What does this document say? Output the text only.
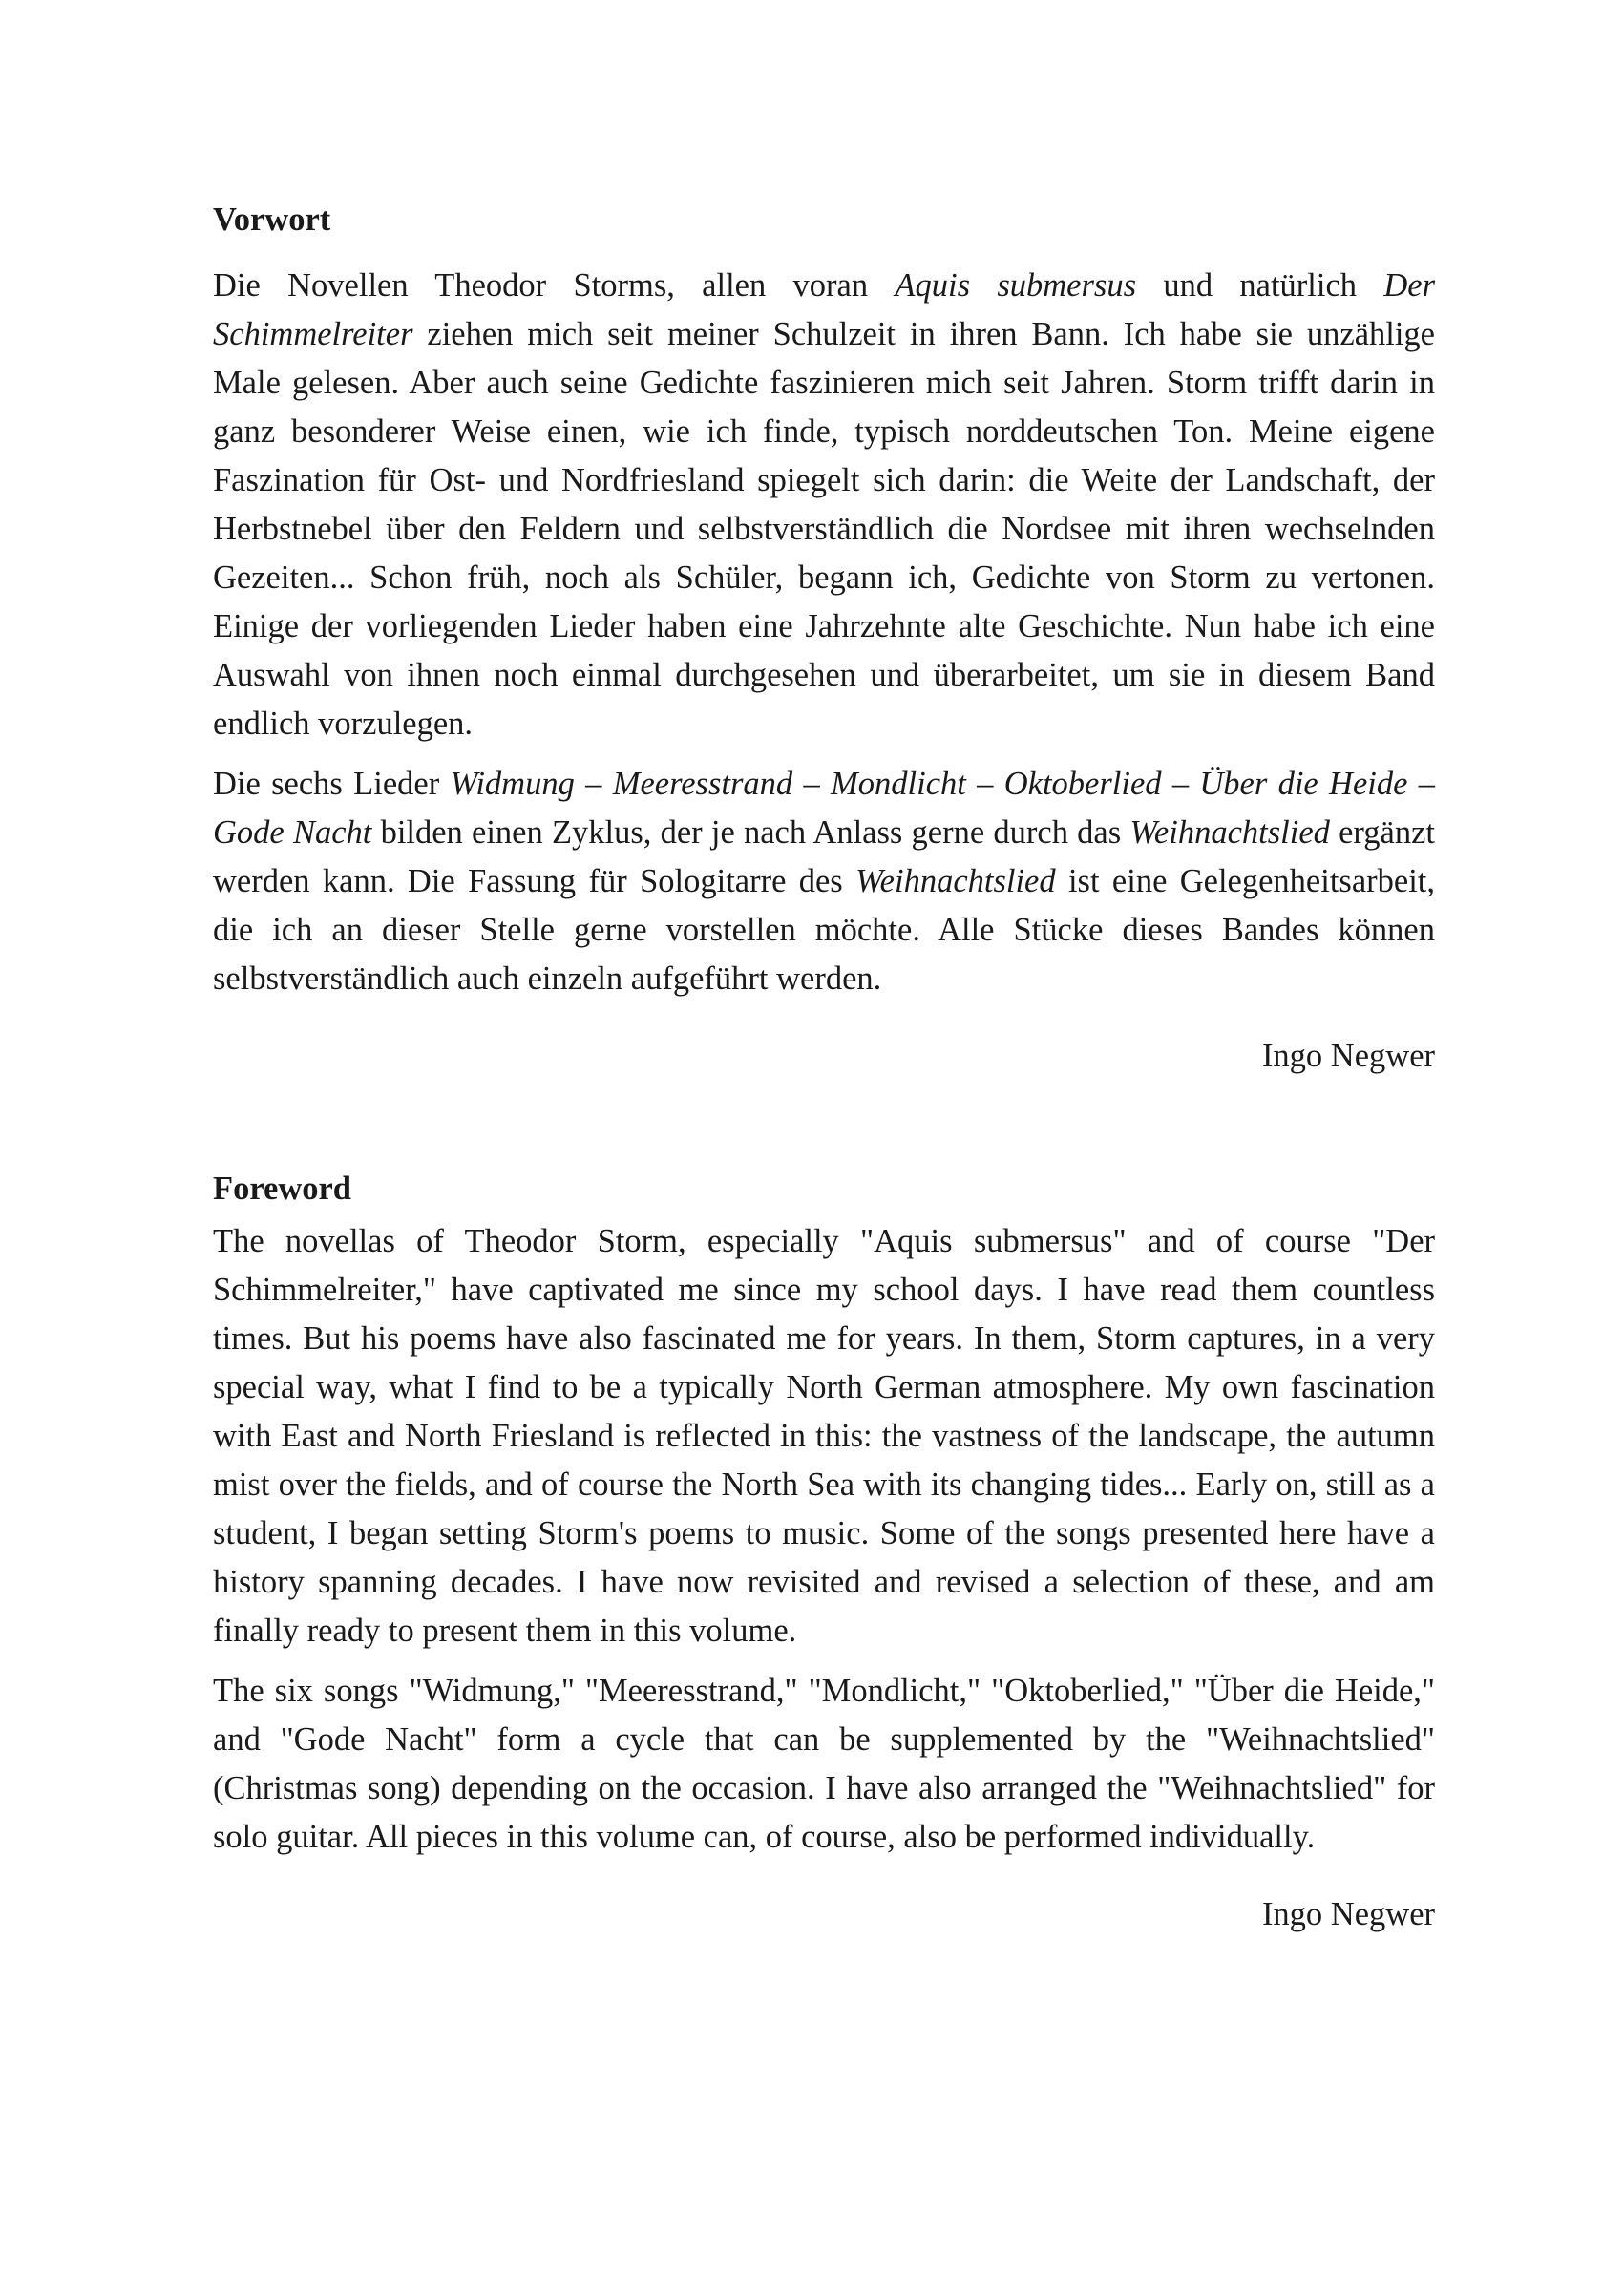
Vorwort

Die Novellen Theodor Storms, allen voran Aquis submersus und natürlich Der Schimmelreiter ziehen mich seit meiner Schulzeit in ihren Bann. Ich habe sie unzählige Male gelesen. Aber auch seine Gedichte faszinieren mich seit Jahren. Storm trifft darin in ganz besonderer Weise einen, wie ich finde, typisch norddeutschen Ton. Meine eigene Faszination für Ost- und Nordfriesland spiegelt sich darin: die Weite der Landschaft, der Herbstnebel über den Feldern und selbstverständlich die Nordsee mit ihren wechselnden Gezeiten... Schon früh, noch als Schüler, begann ich, Gedichte von Storm zu vertonen. Einige der vorliegenden Lieder haben eine Jahrzehnte alte Geschichte. Nun habe ich eine Auswahl von ihnen noch einmal durchgesehen und überarbeitet, um sie in diesem Band endlich vorzulegen.

Die sechs Lieder Widmung – Meeresstrand – Mondlicht – Oktoberlied – Über die Heide – Gode Nacht bilden einen Zyklus, der je nach Anlass gerne durch das Weihnachtslied ergänzt werden kann. Die Fassung für Sologitarre des Weihnachtslied ist eine Gelegenheitsarbeit, die ich an dieser Stelle gerne vorstellen möchte. Alle Stücke dieses Bandes können selbstverständlich auch einzeln aufgeführt werden.

Ingo Negwer
Foreword

The novellas of Theodor Storm, especially "Aquis submersus" and of course "Der Schimmelreiter," have captivated me since my school days. I have read them countless times. But his poems have also fascinated me for years. In them, Storm captures, in a very special way, what I find to be a typically North German atmosphere. My own fascination with East and North Friesland is reflected in this: the vastness of the landscape, the autumn mist over the fields, and of course the North Sea with its changing tides... Early on, still as a student, I began setting Storm's poems to music. Some of the songs presented here have a history spanning decades. I have now revisited and revised a selection of these, and am finally ready to present them in this volume.

The six songs "Widmung," "Meeresstrand," "Mondlicht," "Oktoberlied," "Über die Heide," and "Gode Nacht" form a cycle that can be supplemented by the "Weihnachtslied" (Christmas song) depending on the occasion. I have also arranged the "Weihnachtslied" for solo guitar. All pieces in this volume can, of course, also be performed individually.

Ingo Negwer
